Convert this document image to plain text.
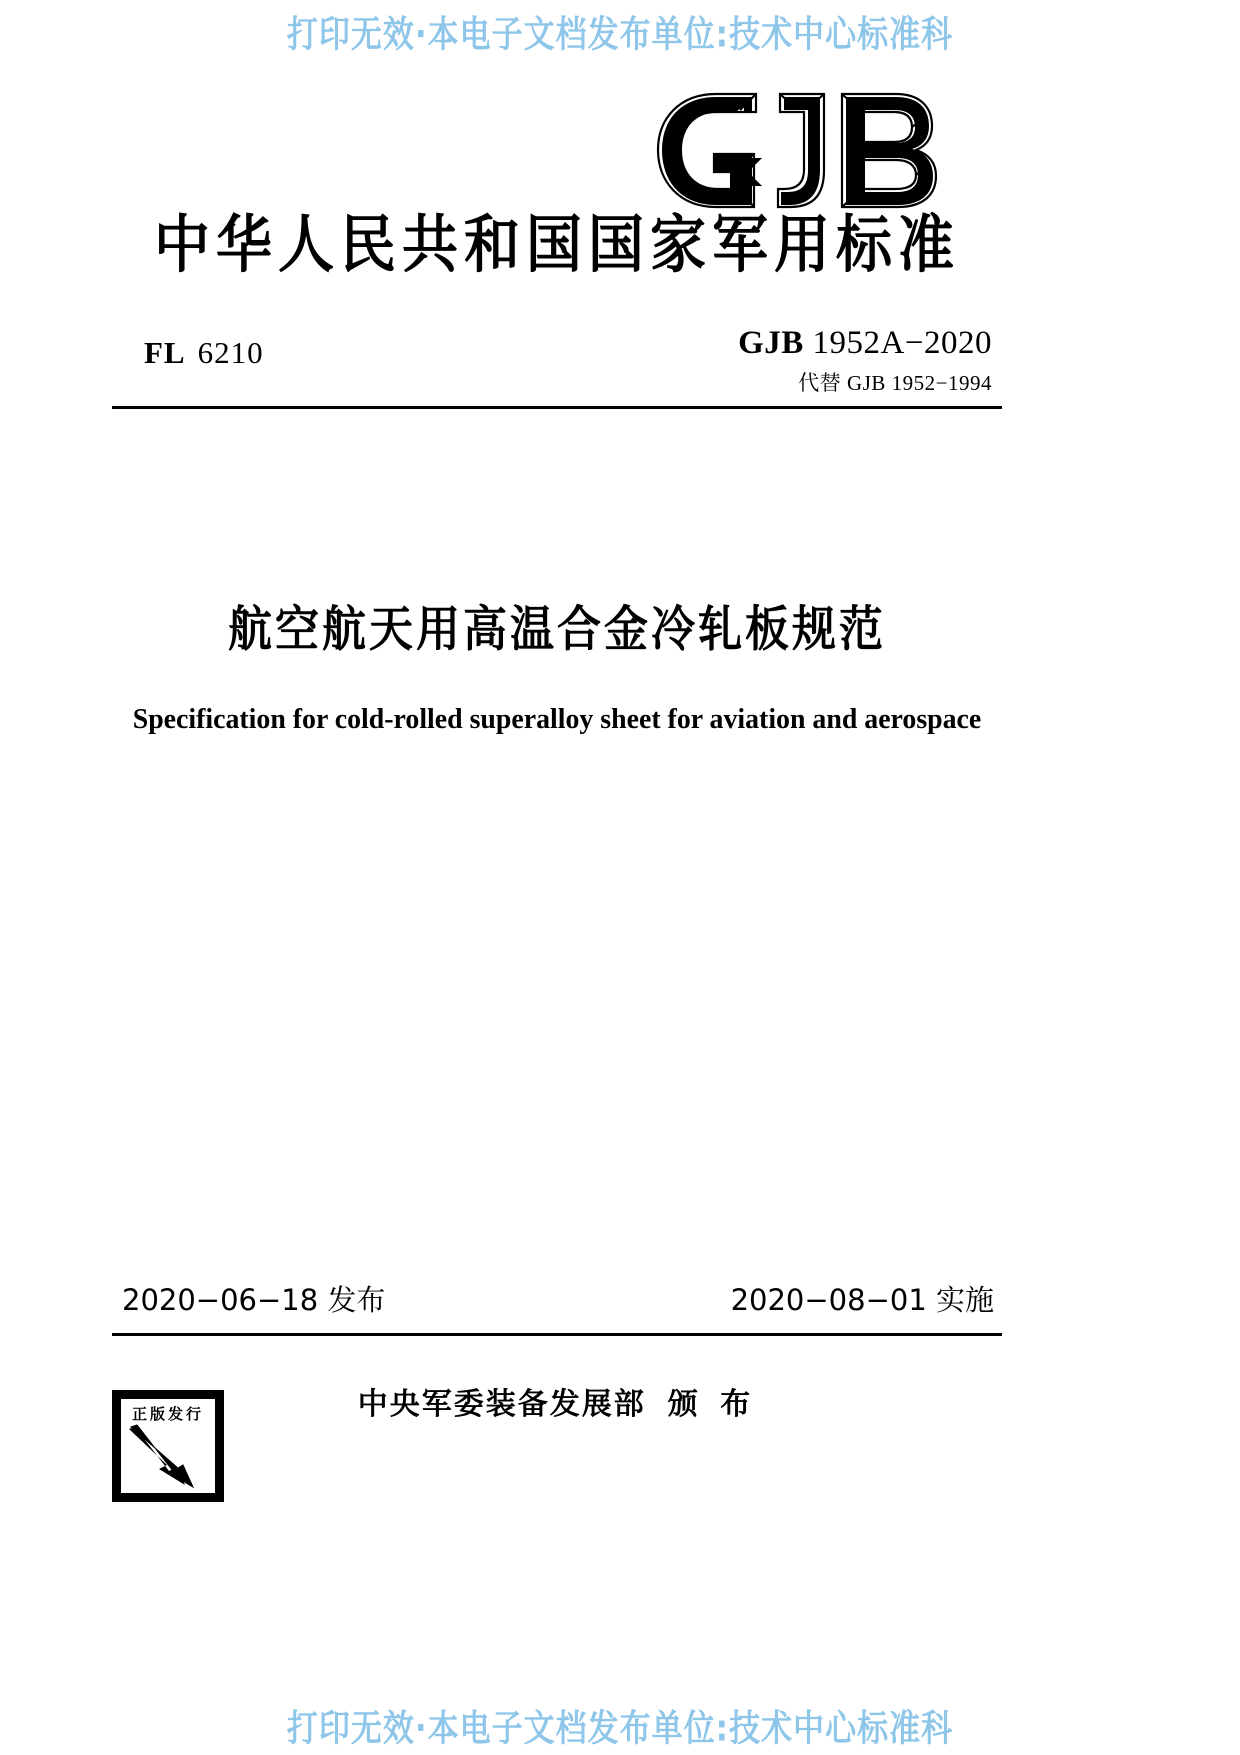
打印无效·本电子文档发布单位:技术中心标准科
中华人民共和国国家军用标准
FL 6210	GJB 1952A−2020
代替 GJB 1952−1994
航空航天用高温合金冷轧板规范
Specification for cold-rolled superalloy sheet for aviation and aerospace
2020−06−18 发布	2020−08−01 实施
中央军委装备发展部 颁 布
正版发行
打印无效·本电子文档发布单位:技术中心标准科
